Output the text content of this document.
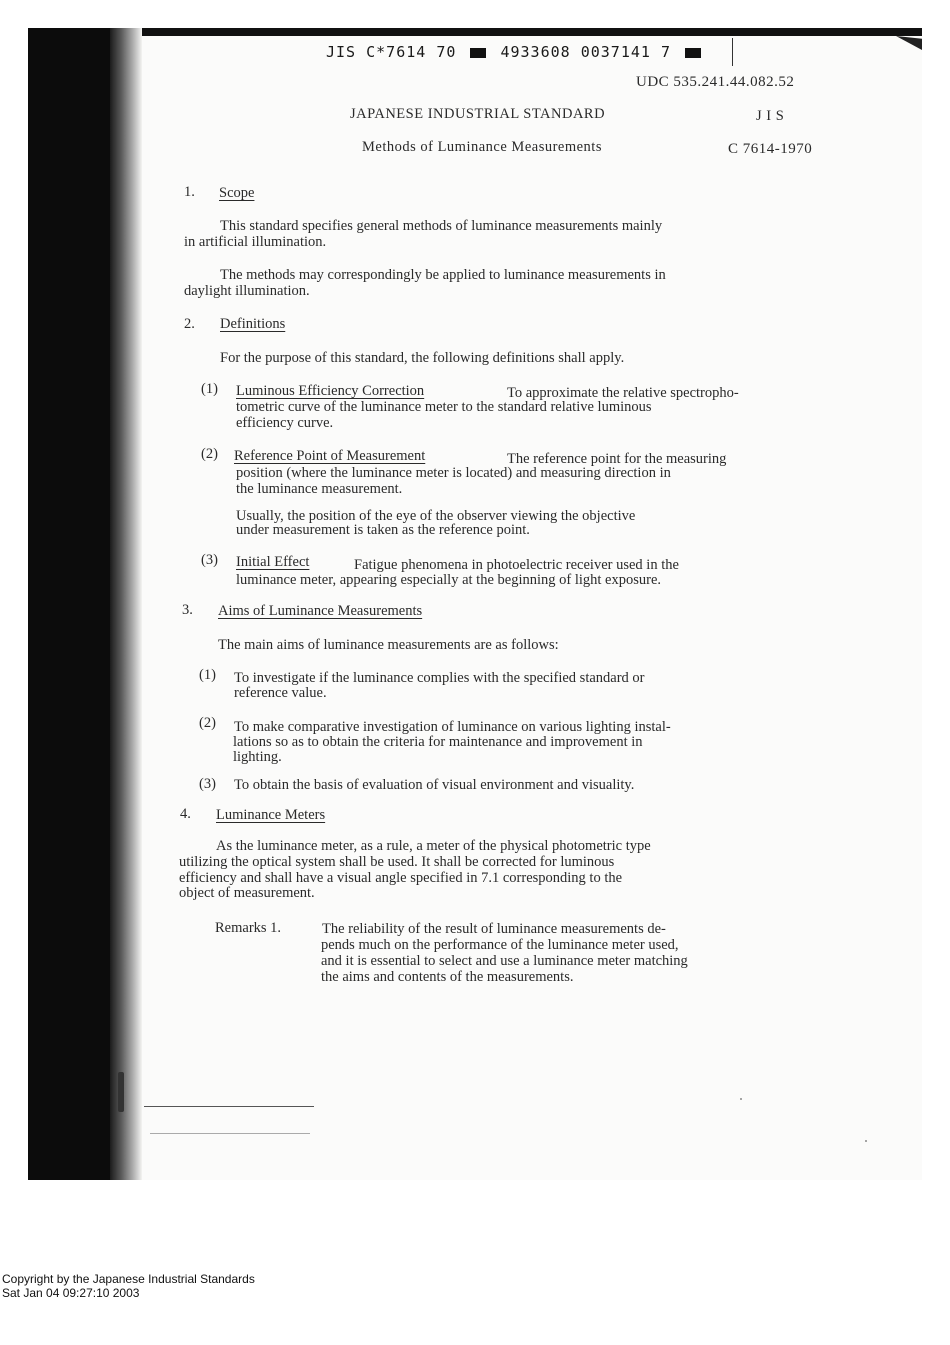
JIS C*7614 70	4933608 0037141 7
UDC 535.241.44.082.52
JAPANESE INDUSTRIAL STANDARD	J I S
Methods of Luminance Measurements	C 7614-1970
1. Scope
This standard specifies general methods of luminance measurements mainly
in artificial illumination.
The methods may correspondingly be applied to luminance measurements in
daylight illumination.
2. Definitions
For the purpose of this standard, the following definitions shall apply.
(1) Luminous Efficiency Correction	To approximate the relative spectropho-
tometric curve of the luminance meter to the standard relative luminous
efficiency curve.
(2) Reference Point of Measurement	The reference point for the measuring
position (where the luminance meter is located) and measuring direction in
the luminance measurement.
Usually, the position of the eye of the observer viewing the objective
under measurement is taken as the reference point.
(3) Initial Effect	Fatigue phenomena in photoelectric receiver used in the
luminance meter, appearing especially at the beginning of light exposure.
3. Aims of Luminance Measurements
The main aims of luminance measurements are as follows:
(1) To investigate if the luminance complies with the specified standard or
reference value.
(2) To make comparative investigation of luminance on various lighting instal-
lations so as to obtain the criteria for maintenance and improvement in
lighting.
(3) To obtain the basis of evaluation of visual environment and visuality.
4. Luminance Meters
As the luminance meter, as a rule, a meter of the physical photometric type
utilizing the optical system shall be used. It shall be corrected for luminous
efficiency and shall have a visual angle specified in 7.1 corresponding to the
object of measurement.
Remarks 1.	The reliability of the result of luminance measurements de-
pends much on the performance of the luminance meter used,
and it is essential to select and use a luminance meter matching
the aims and contents of the measurements.
Copyright by the Japanese Industrial Standards
Sat Jan 04 09:27:10 2003
